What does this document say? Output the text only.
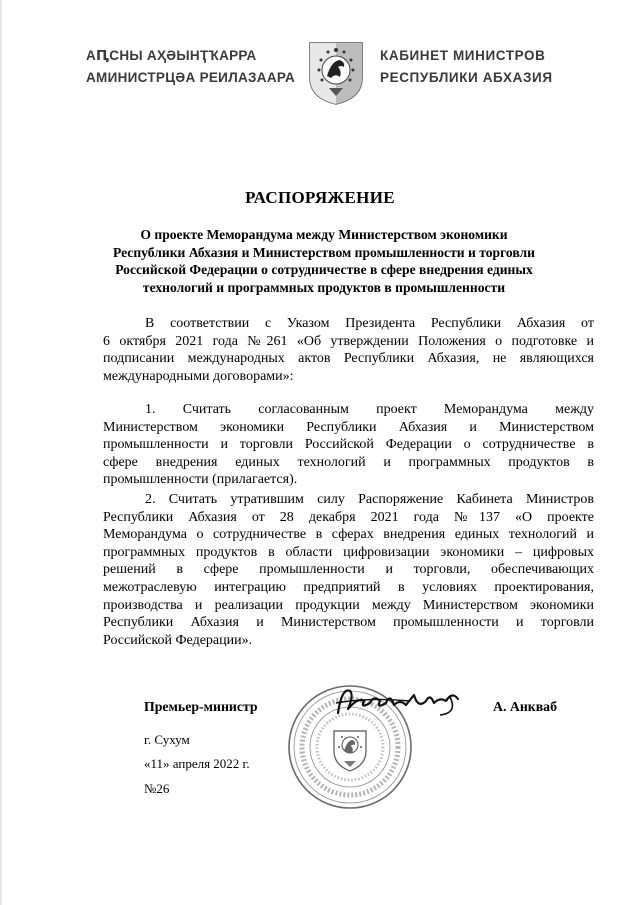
АԤСНЫ АҲӘЫНҬҠАРРА
АМИНИСТРЦӘА РЕИЛАЗААРА
КАБИНЕТ МИНИСТРОВ
РЕСПУБЛИКИ АБХАЗИЯ
РАСПОРЯЖЕНИЕ
О проекте Меморандума между Министерством экономики
Республики Абхазия и Министерством промышленности и торговли
Российской Федерации о сотрудничестве в сфере внедрения единых
технологий и программных продуктов в промышленности
В соответствии с Указом Президента Республики Абхазия от
6 октября 2021 года №261 «Об утверждении Положения о подготовке и
подписании международных актов Республики Абхазия, не являющихся
международными договорами»:
1. Считать согласованным проект Меморандума между
Министерством экономики Республики Абхазия и Министерством
промышленности и торговли Российской Федерации о сотрудничестве в
сфере внедрения единых технологий и программных продуктов в
промышленности (прилагается).
2. Считать утратившим силу Распоряжение Кабинета Министров
Республики Абхазия от 28 декабря 2021 года №137 «О проекте
Меморандума о сотрудничестве в сферах внедрения единых технологий и
программных продуктов в области цифровизации экономики – цифровых
решений в сфере промышленности и торговли, обеспечивающих
межотраслевую интеграцию предприятий в условиях проектирования,
производства и реализации продукции между Министерством экономики
Республики Абхазия и Министерством промышленности и торговли
Российской Федерации».
Премьер-министр	А. Анкваб
г. Сухум
«11» апреля 2022 г.
№26
